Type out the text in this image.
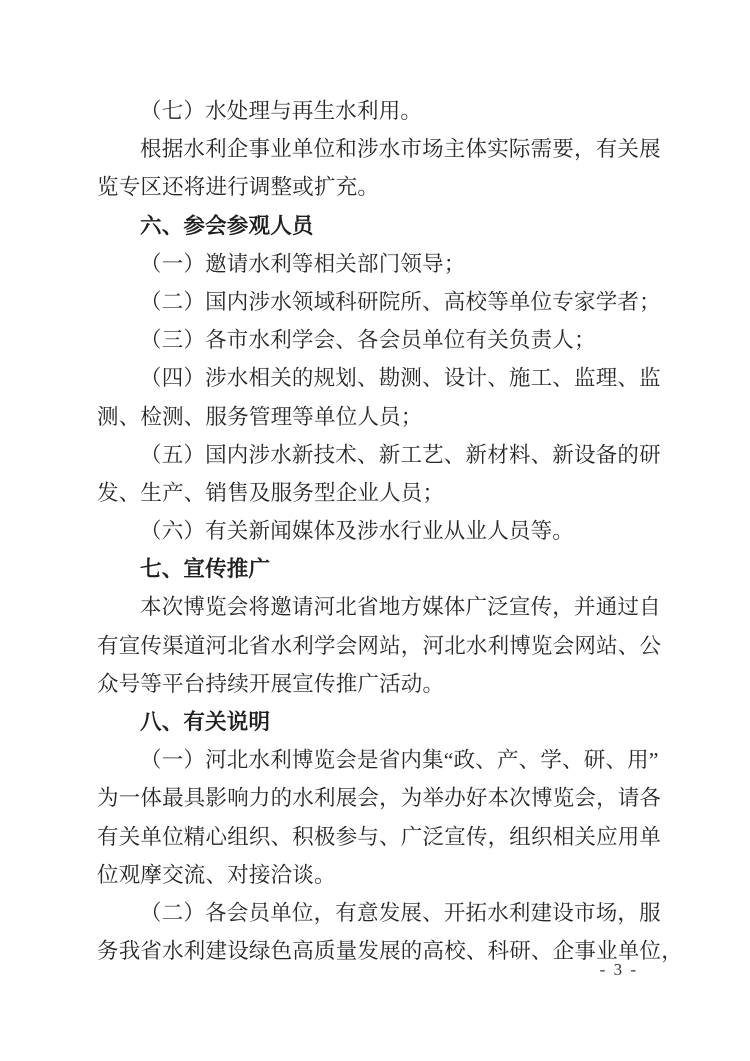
（七）水处理与再生水利用。
根据水利企事业单位和涉水市场主体实际需要，有关展
览专区还将进行调整或扩充。
六、参会参观人员
（一）邀请水利等相关部门领导；
（二）国内涉水领域科研院所、高校等单位专家学者；
（三）各市水利学会、各会员单位有关负责人；
（四）涉水相关的规划、勘测、设计、施工、监理、监
测、检测、服务管理等单位人员；
（五）国内涉水新技术、新工艺、新材料、新设备的研
发、生产、销售及服务型企业人员；
（六）有关新闻媒体及涉水行业从业人员等。
七、宣传推广
本次博览会将邀请河北省地方媒体广泛宣传，并通过自
有宣传渠道河北省水利学会网站，河北水利博览会网站、公
众号等平台持续开展宣传推广活动。
八、有关说明
（一）河北水利博览会是省内集“政、产、学、研、用”
为一体最具影响力的水利展会，为举办好本次博览会，请各
有关单位精心组织、积极参与、广泛宣传，组织相关应用单
位观摩交流、对接洽谈。
（二）各会员单位，有意发展、开拓水利建设市场，服
务我省水利建设绿色高质量发展的高校、科研、企事业单位，
- 3 -
